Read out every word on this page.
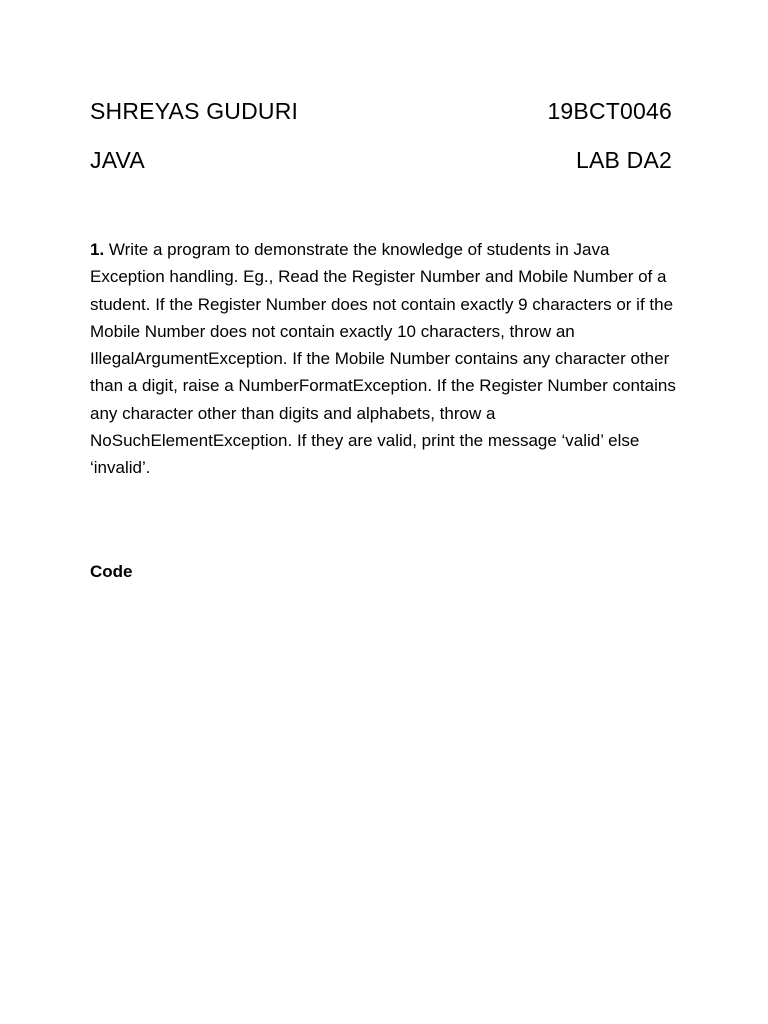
SHREYAS GUDURI	19BCT0046
JAVA	LAB DA2

1. Write a program to demonstrate the knowledge of students in Java Exception handling. Eg., Read the Register Number and Mobile Number of a student. If the Register Number does not contain exactly 9 characters or if the Mobile Number does not contain exactly 10 characters, throw an IllegalArgumentException. If the Mobile Number contains any character other than a digit, raise a NumberFormatException. If the Register Number contains any character other than digits and alphabets, throw a NoSuchElementException. If they are valid, print the message ‘valid’ else ‘invalid’.

Code
